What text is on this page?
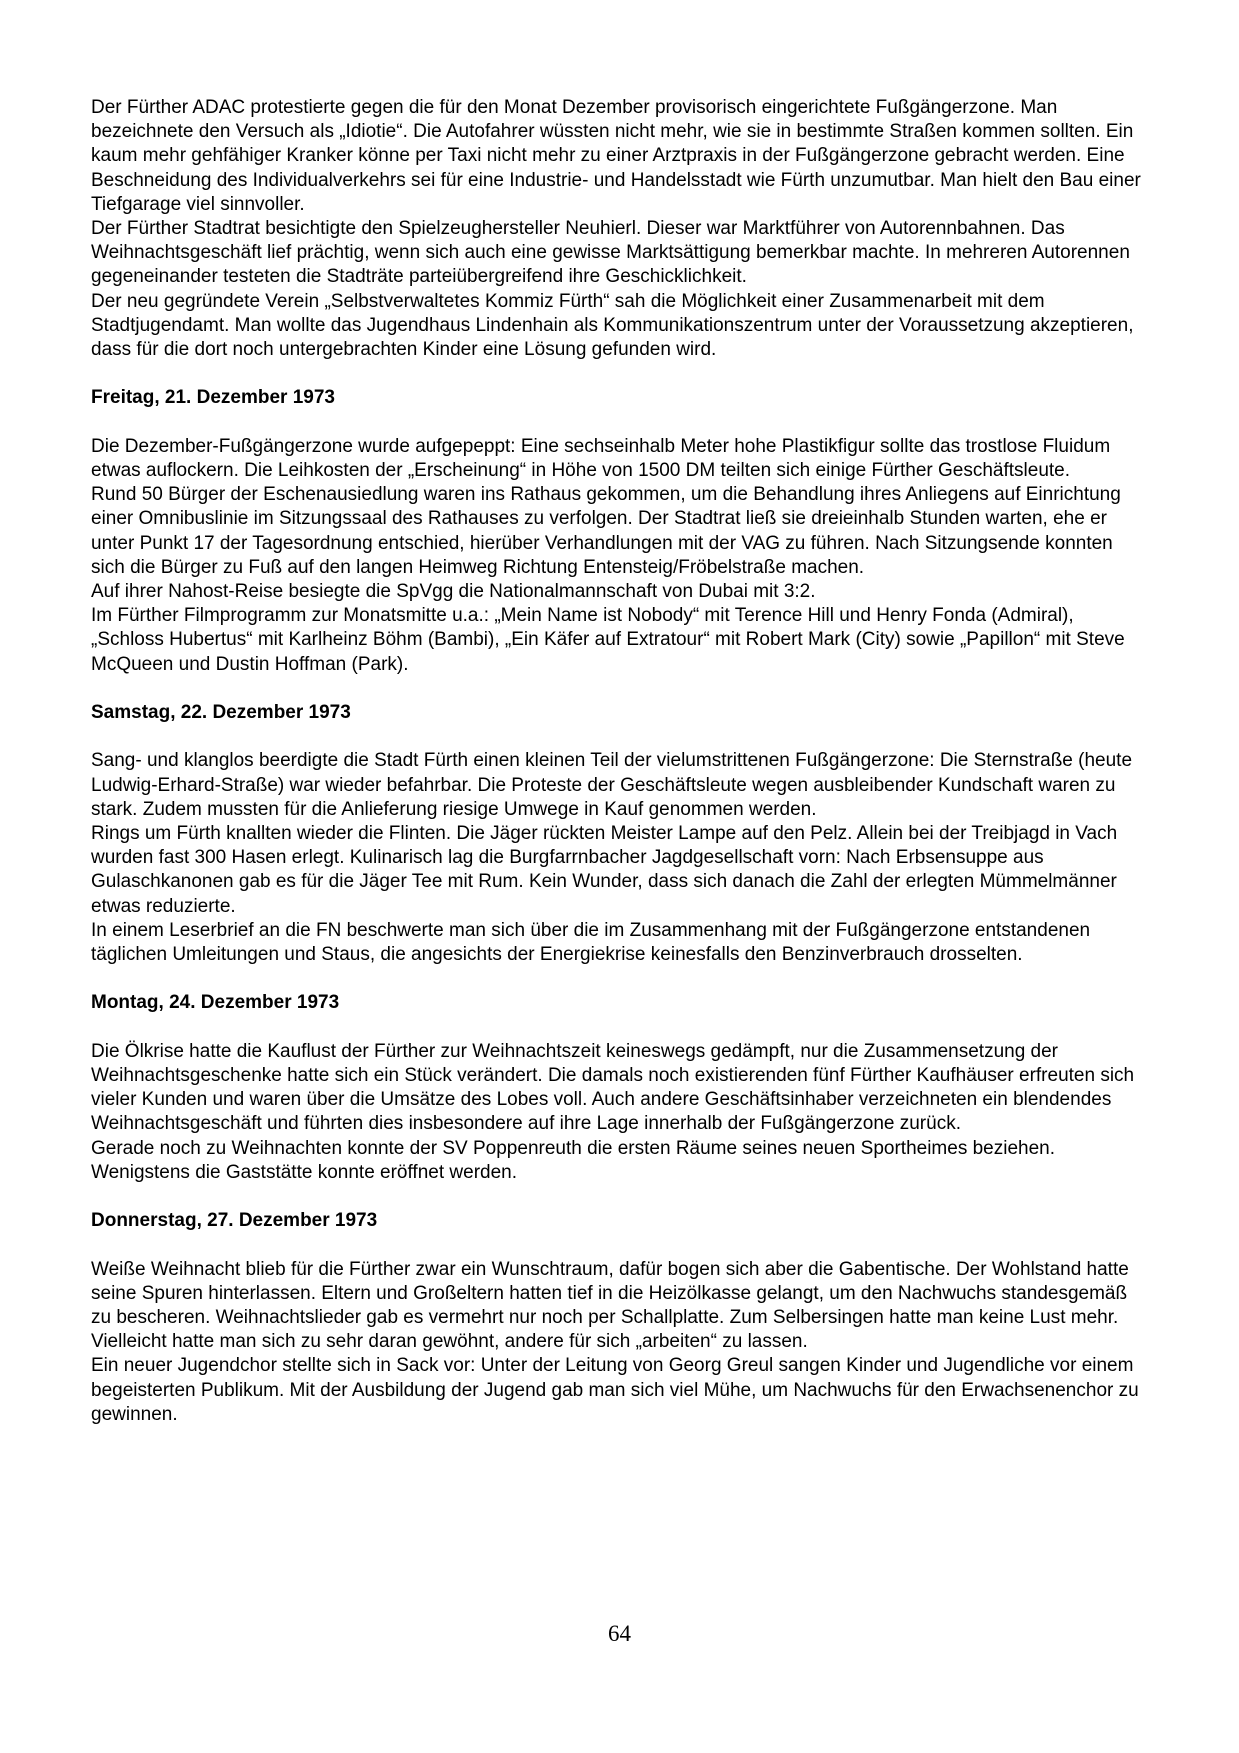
Der Fürther ADAC protestierte gegen die für den Monat Dezember provisorisch eingerichtete Fußgängerzone. Man bezeichnete den Versuch als „Idiotie“. Die Autofahrer wüssten nicht mehr, wie sie in bestimmte Straßen kommen sollten. Ein kaum mehr gehfähiger Kranker könne per Taxi nicht mehr zu einer Arztpraxis in der Fußgängerzone gebracht werden. Eine Beschneidung des Individualverkehrs sei für eine Industrie- und Handelsstadt wie Fürth unzumutbar. Man hielt den Bau einer Tiefgarage viel sinnvoller.

Der Fürther Stadtrat besichtigte den Spielzeughersteller Neuhierl. Dieser war Marktführer von Autorennbahnen. Das Weihnachtsgeschäft lief prächtig, wenn sich auch eine gewisse Marktsättigung bemerkbar machte. In mehreren Autorennen gegeneinander testeten die Stadträte parteiübergreifend ihre Geschicklichkeit.

Der neu gegründete Verein „Selbstverwaltetes Kommiz Fürth“ sah die Möglichkeit einer Zusammenarbeit mit dem Stadtjugendamt. Man wollte das Jugendhaus Lindenhain als Kommunikationszentrum unter der Voraussetzung akzeptieren, dass für die dort noch untergebrachten Kinder eine Lösung gefunden wird.

Freitag, 21. Dezember 1973

Die Dezember-Fußgängerzone wurde aufgepeppt: Eine sechseinhalb Meter hohe Plastikfigur sollte das trostlose Fluidum etwas auflockern. Die Leihkosten der „Erscheinung“ in Höhe von 1500 DM teilten sich einige Fürther Geschäftsleute.

Rund 50 Bürger der Eschenausiedlung waren ins Rathaus gekommen, um die Behandlung ihres Anliegens auf Einrichtung einer Omnibuslinie im Sitzungssaal des Rathauses zu verfolgen. Der Stadtrat ließ sie dreieinhalb Stunden warten, ehe er unter Punkt 17 der Tagesordnung entschied, hierüber Verhandlungen mit der VAG zu führen. Nach Sitzungsende konnten sich die Bürger zu Fuß auf den langen Heimweg Richtung Entensteig/Fröbelstraße machen.

Auf ihrer Nahost-Reise besiegte die SpVgg die Nationalmannschaft von Dubai mit 3:2.

Im Fürther Filmprogramm zur Monatsmitte u.a.: „Mein Name ist Nobody“ mit Terence Hill und Henry Fonda (Admiral), „Schloss Hubertus“ mit Karlheinz Böhm (Bambi), „Ein Käfer auf Extratour“ mit Robert Mark (City) sowie „Papillon“ mit Steve McQueen und Dustin Hoffman (Park).

Samstag, 22. Dezember 1973

Sang- und klanglos beerdigte die Stadt Fürth einen kleinen Teil der vielumstrittenen Fußgängerzone: Die Sternstraße (heute Ludwig-Erhard-Straße) war wieder befahrbar. Die Proteste der Geschäftsleute wegen ausbleibender Kundschaft waren zu stark. Zudem mussten für die Anlieferung riesige Umwege in Kauf genommen werden.

Rings um Fürth knallten wieder die Flinten. Die Jäger rückten Meister Lampe auf den Pelz. Allein bei der Treibjagd in Vach wurden fast 300 Hasen erlegt. Kulinarisch lag die Burgfarrnbacher Jagdgesellschaft vorn: Nach Erbsensuppe aus Gulaschkanonen gab es für die Jäger Tee mit Rum. Kein Wunder, dass sich danach die Zahl der erlegten Mümmelmänner etwas reduzierte.

In einem Leserbrief an die FN beschwerte man sich über die im Zusammenhang mit der Fußgängerzone entstandenen täglichen Umleitungen und Staus, die angesichts der Energiekrise keinesfalls den Benzinverbrauch drosselten.

Montag, 24. Dezember 1973

Die Ölkrise hatte die Kauflust der Fürther zur Weihnachtszeit keineswegs gedämpft, nur die Zusammensetzung der Weihnachtsgeschenke hatte sich ein Stück verändert. Die damals noch existierenden fünf Fürther Kaufhäuser erfreuten sich vieler Kunden und waren über die Umsätze des Lobes voll. Auch andere Geschäftsinhaber verzeichneten ein blendendes Weihnachtsgeschäft und führten dies insbesondere auf ihre Lage innerhalb der Fußgängerzone zurück.

Gerade noch zu Weihnachten konnte der SV Poppenreuth die ersten Räume seines neuen Sportheimes beziehen. Wenigstens die Gaststätte konnte eröffnet werden.

Donnerstag, 27. Dezember 1973

Weiße Weihnacht blieb für die Fürther zwar ein Wunschtraum, dafür bogen sich aber die Gabentische. Der Wohlstand hatte seine Spuren hinterlassen. Eltern und Großeltern hatten tief in die Heizölkasse gelangt, um den Nachwuchs standesgemäß zu bescheren. Weihnachtslieder gab es vermehrt nur noch per Schallplatte. Zum Selbersingen hatte man keine Lust mehr. Vielleicht hatte man sich zu sehr daran gewöhnt, andere für sich „arbeiten“ zu lassen.

Ein neuer Jugendchor stellte sich in Sack vor: Unter der Leitung von Georg Greul sangen Kinder und Jugendliche vor einem begeisterten Publikum. Mit der Ausbildung der Jugend gab man sich viel Mühe, um Nachwuchs für den Erwachsenenchor zu gewinnen.

64
